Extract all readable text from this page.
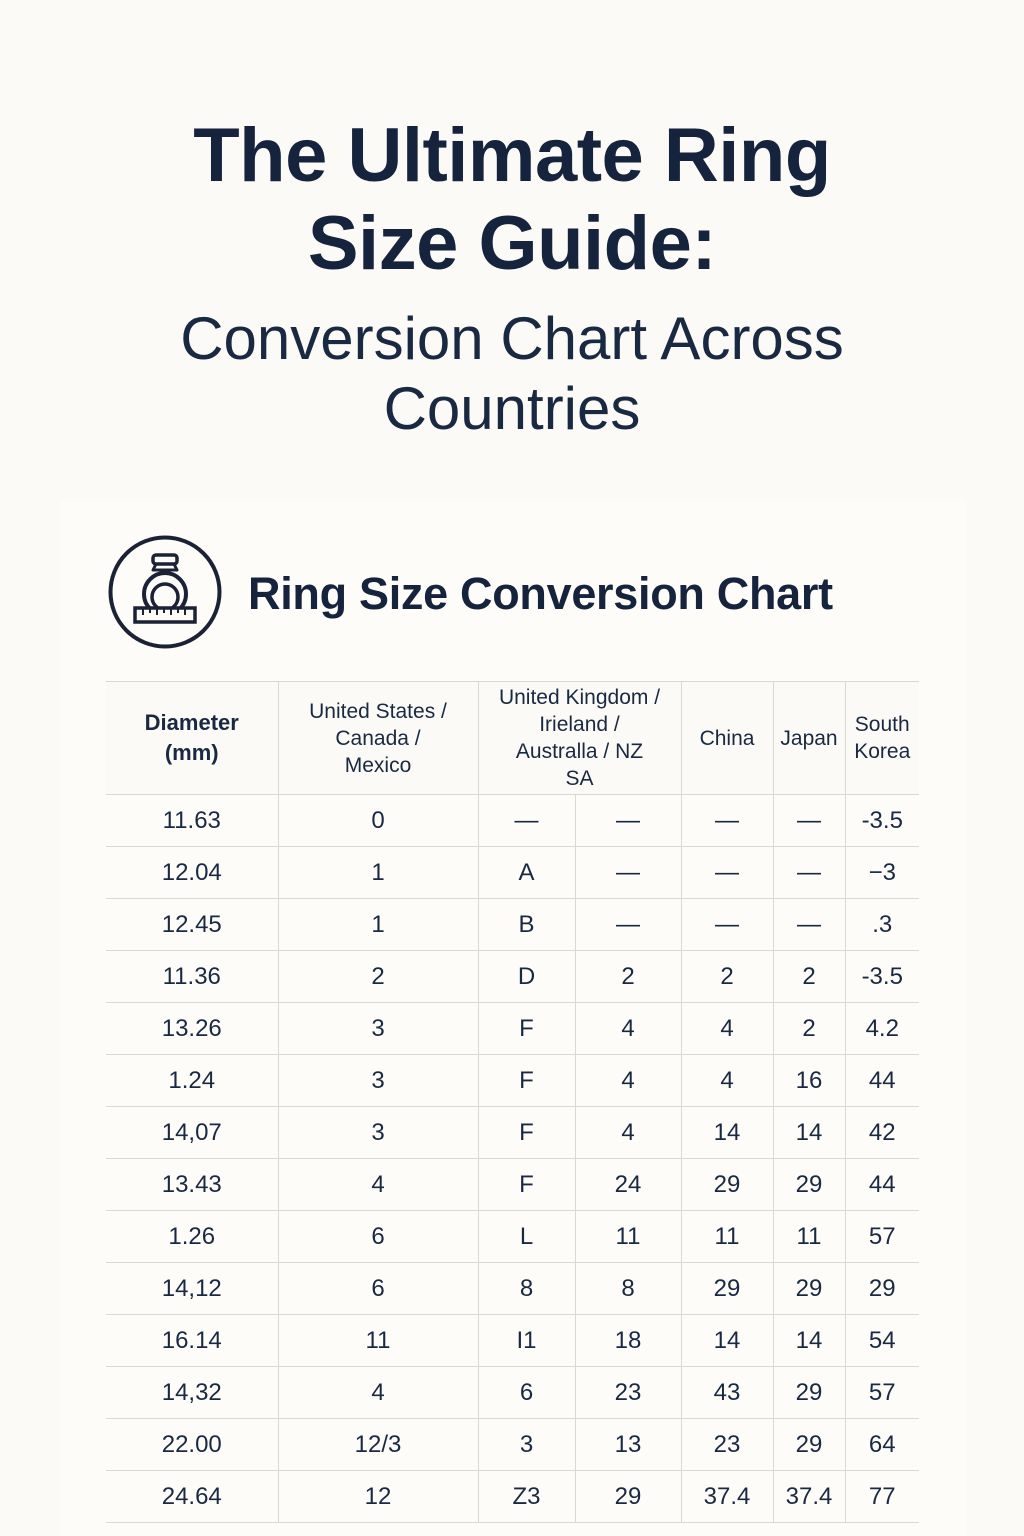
The Ultimate Ring
Size Guide:
Conversion Chart Across
Countries
Ring Size Conversion Chart
Diameter
(mm)	United States /
Canada /
Mexico	United Kingdom /
Irieland /
Australla / NZ
SA		China	Japan	South
Korea
11.63	0	—	—	—	—	-3.5
12.04	1	A	—	—	—	−3
12.45	1	B	—	—	—	.3
11.36	2	D	2	2	2	-3.5
13.26	3	F	4	4	2	4.2
1.24	3	F	4	4	16	44
14,07	3	F	4	14	14	42
13.43	4	F	24	29	29	44
1.26	6	L	11	11	11	57
14,12	6	8	8	29	29	29
16.14	11	I1	18	14	14	54
14,32	4	6	23	43	29	57
22.00	12/3	3	13	23	29	64
24.64	12	Z3	29	37.4	37.4	77
